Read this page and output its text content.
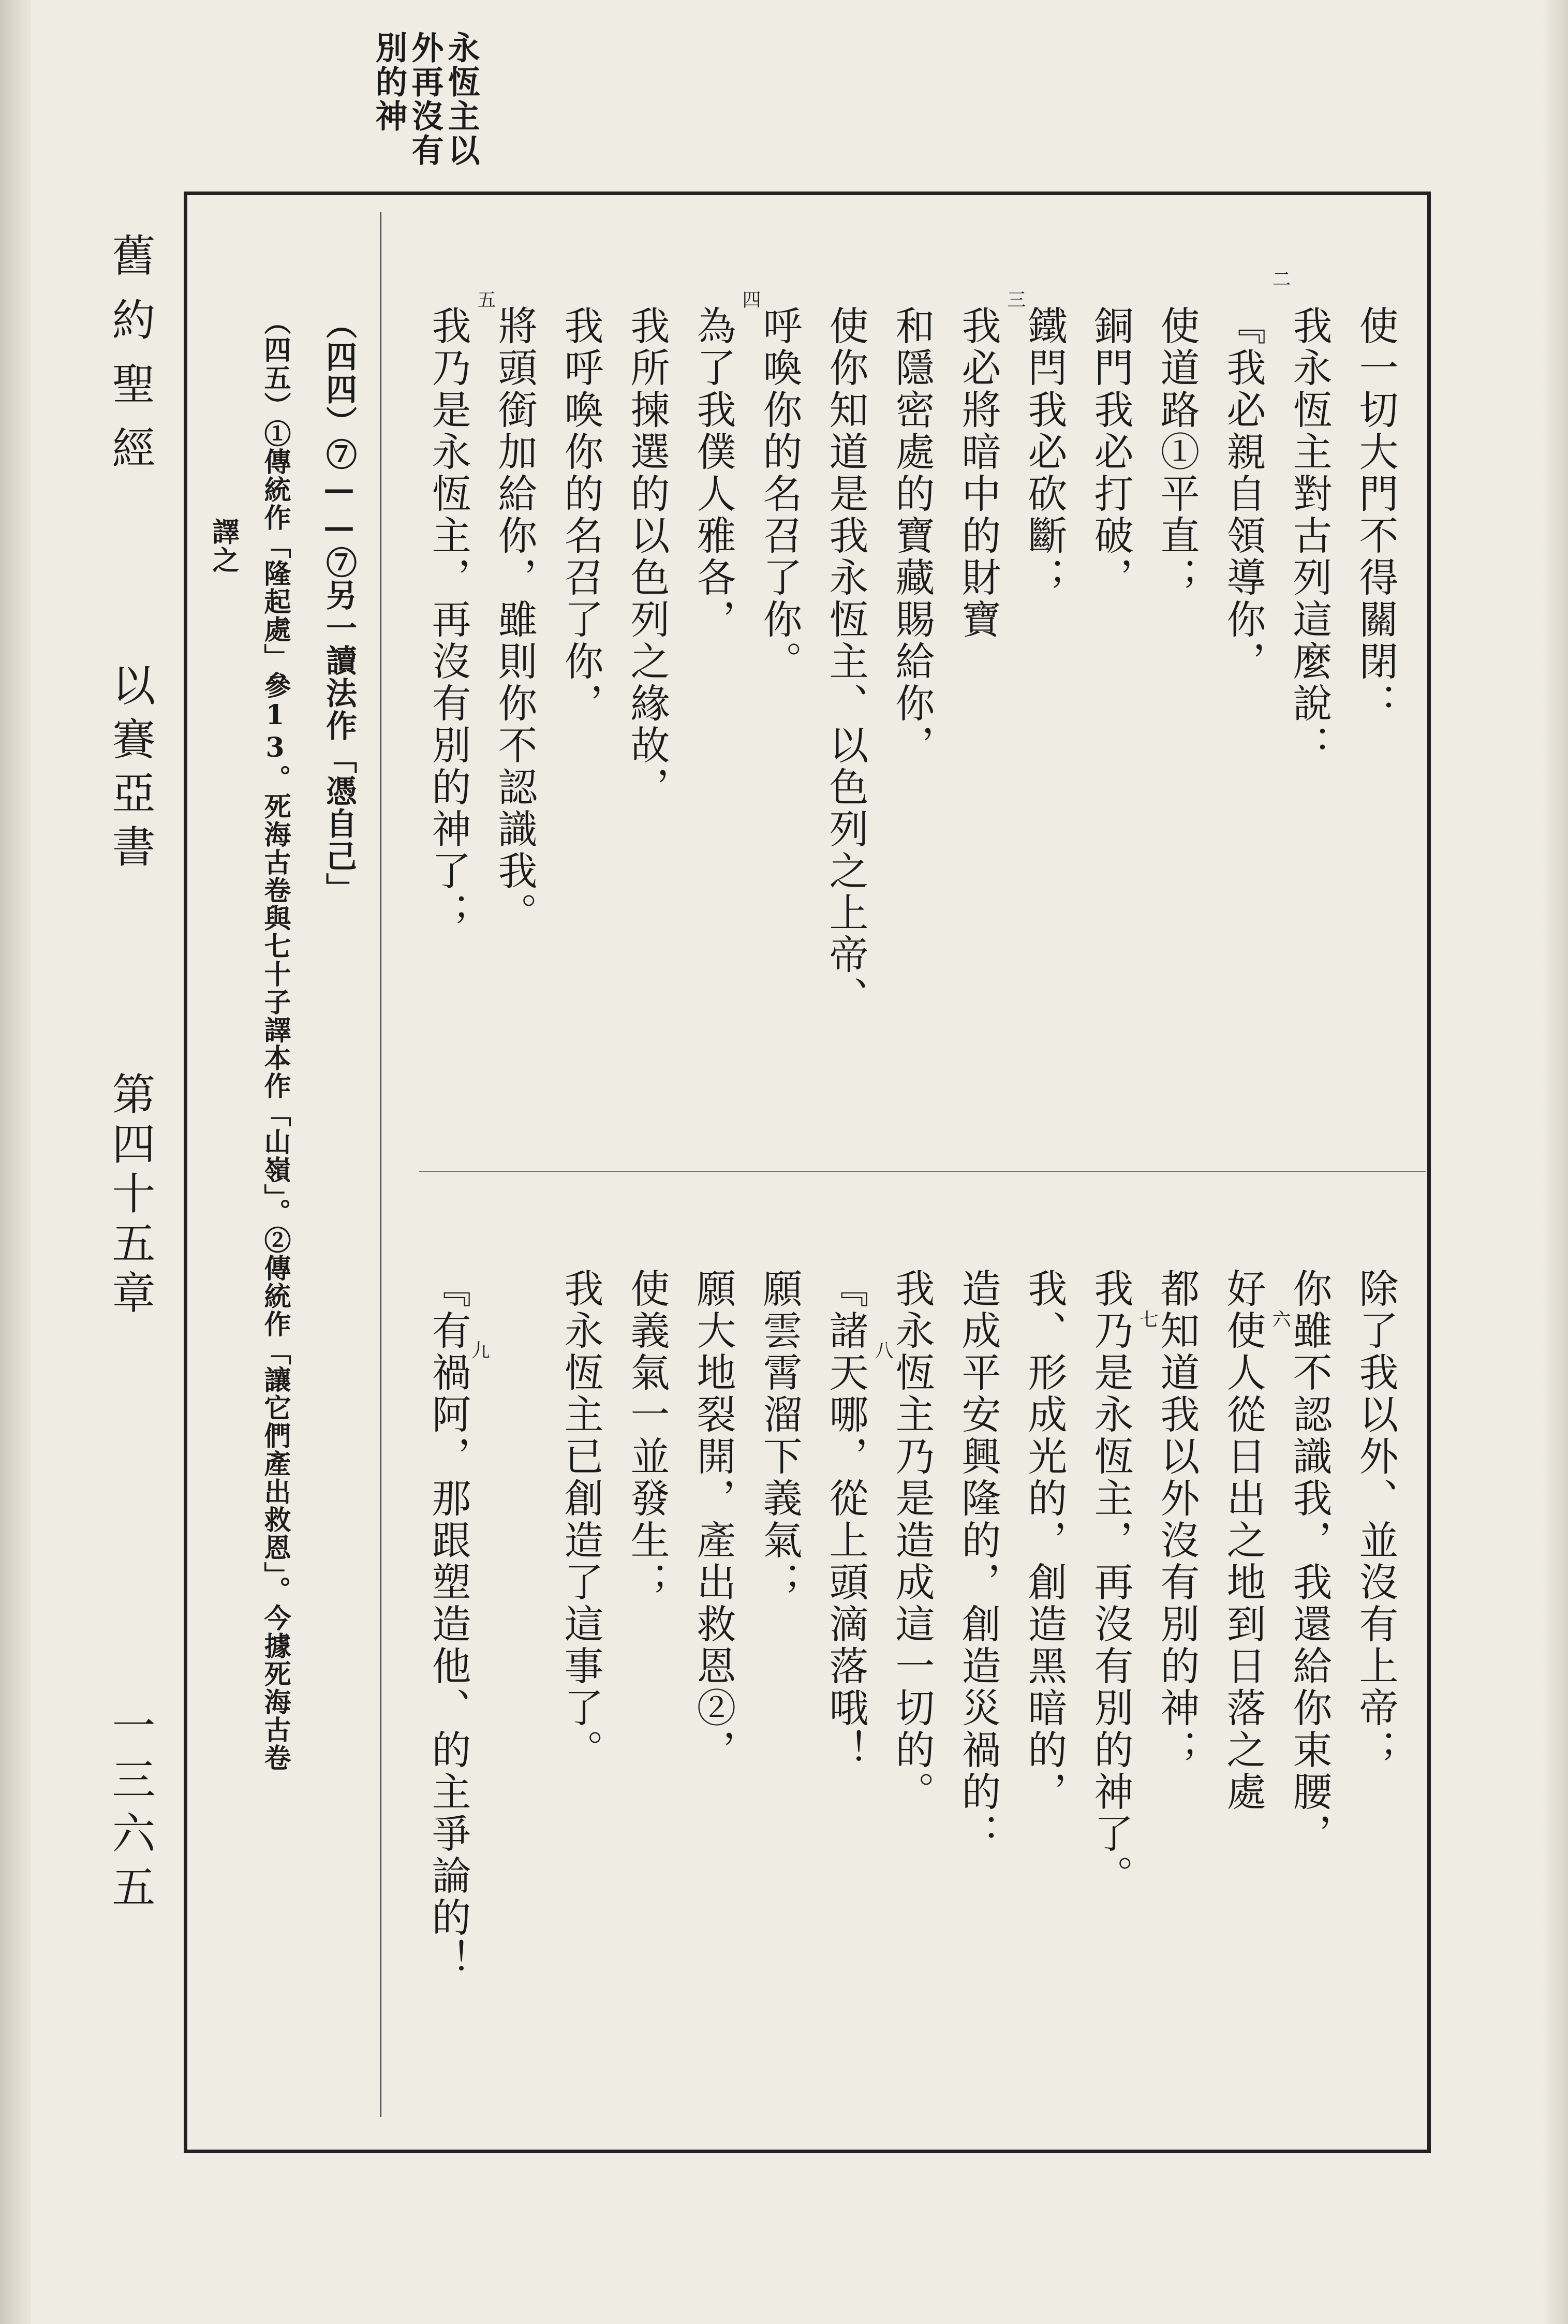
永恆主以
外再沒有
別的神
舊約聖經
以賽亞書
第四十五章
一三六五
使一切大門不得關閉：
我永恆主對古列這麼說：
『我必親自領導你，
使道路①平直；
銅門我必打破，
鐵閂我必砍斷；
我必將暗中的財寶
和隱密處的寶藏賜給你，
使你知道是我永恆主、以色列之上帝、
呼喚你的名召了你。
為了我僕人雅各，
我所揀選的以色列之緣故，
我呼喚你的名召了你，
將頭銜加給你，雖則你不認識我。
我乃是永恆主，再沒有別的神了；
二
三
四
五
六
七
八
九	除了我以外、並沒有上帝；
你雖不認識我，我還給你束腰，
好使人從日出之地到日落之處
都知道我以外沒有別的神；
我乃是永恆主，再沒有別的神了。
我、形成光的，創造黑暗的，
造成平安興隆的，創造災禍的：
我永恆主乃是造成這一切的。
『諸天哪，從上頭滴落哦！
願雲霄溜下義氣；
願大地裂開，產出救恩②，
使義氣一並發生；
我永恆主已創造了這事了。
『有禍阿，那跟塑造他、的主爭論的！
（四四）⑦——⑦另一讀法作「憑自己」
（四五）①傳統作「隆起處」參13。死海古卷與七十子譯本作「山嶺」。②傳統作「讓它們產出救恩」。今據死海古卷
譯之
